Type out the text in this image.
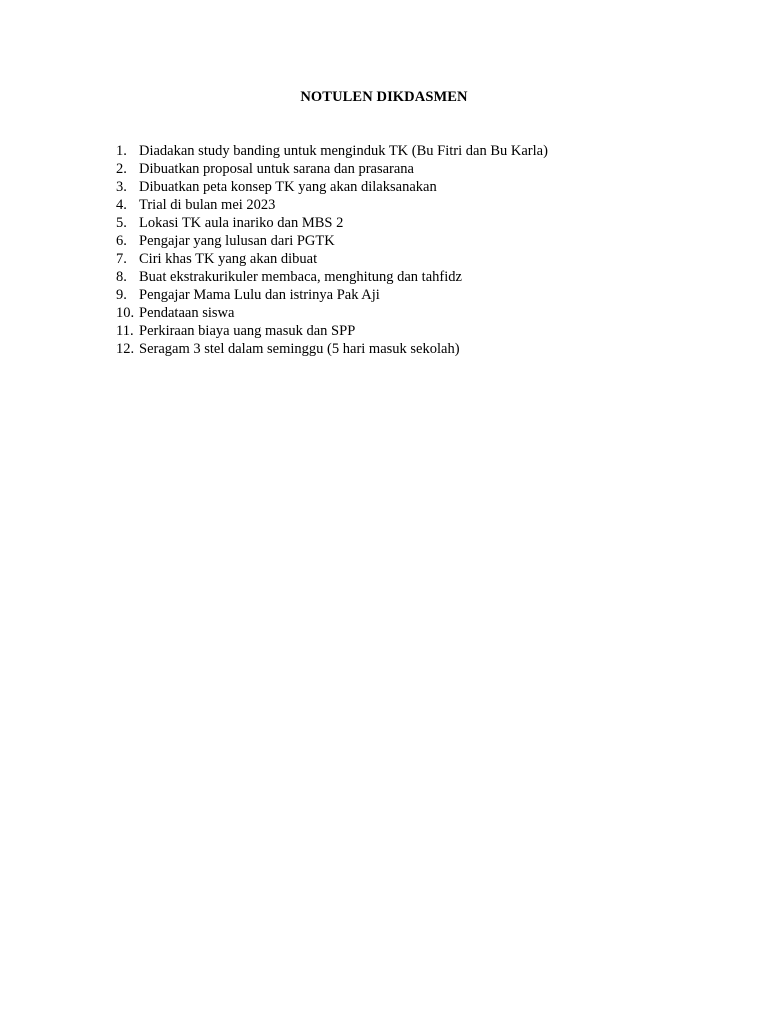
NOTULEN DIKDASMEN
1. Diadakan study banding untuk menginduk TK (Bu Fitri dan Bu Karla)
2. Dibuatkan proposal untuk sarana dan prasarana
3. Dibuatkan peta konsep TK yang akan dilaksanakan
4. Trial di bulan mei 2023
5. Lokasi TK aula inariko dan MBS 2
6. Pengajar yang lulusan dari PGTK
7. Ciri khas TK yang akan dibuat
8. Buat ekstrakurikuler membaca, menghitung dan tahfidz
9. Pengajar Mama Lulu dan istrinya Pak Aji
10. Pendataan siswa
11. Perkiraan biaya uang masuk dan SPP
12. Seragam 3 stel dalam seminggu (5 hari masuk sekolah)
